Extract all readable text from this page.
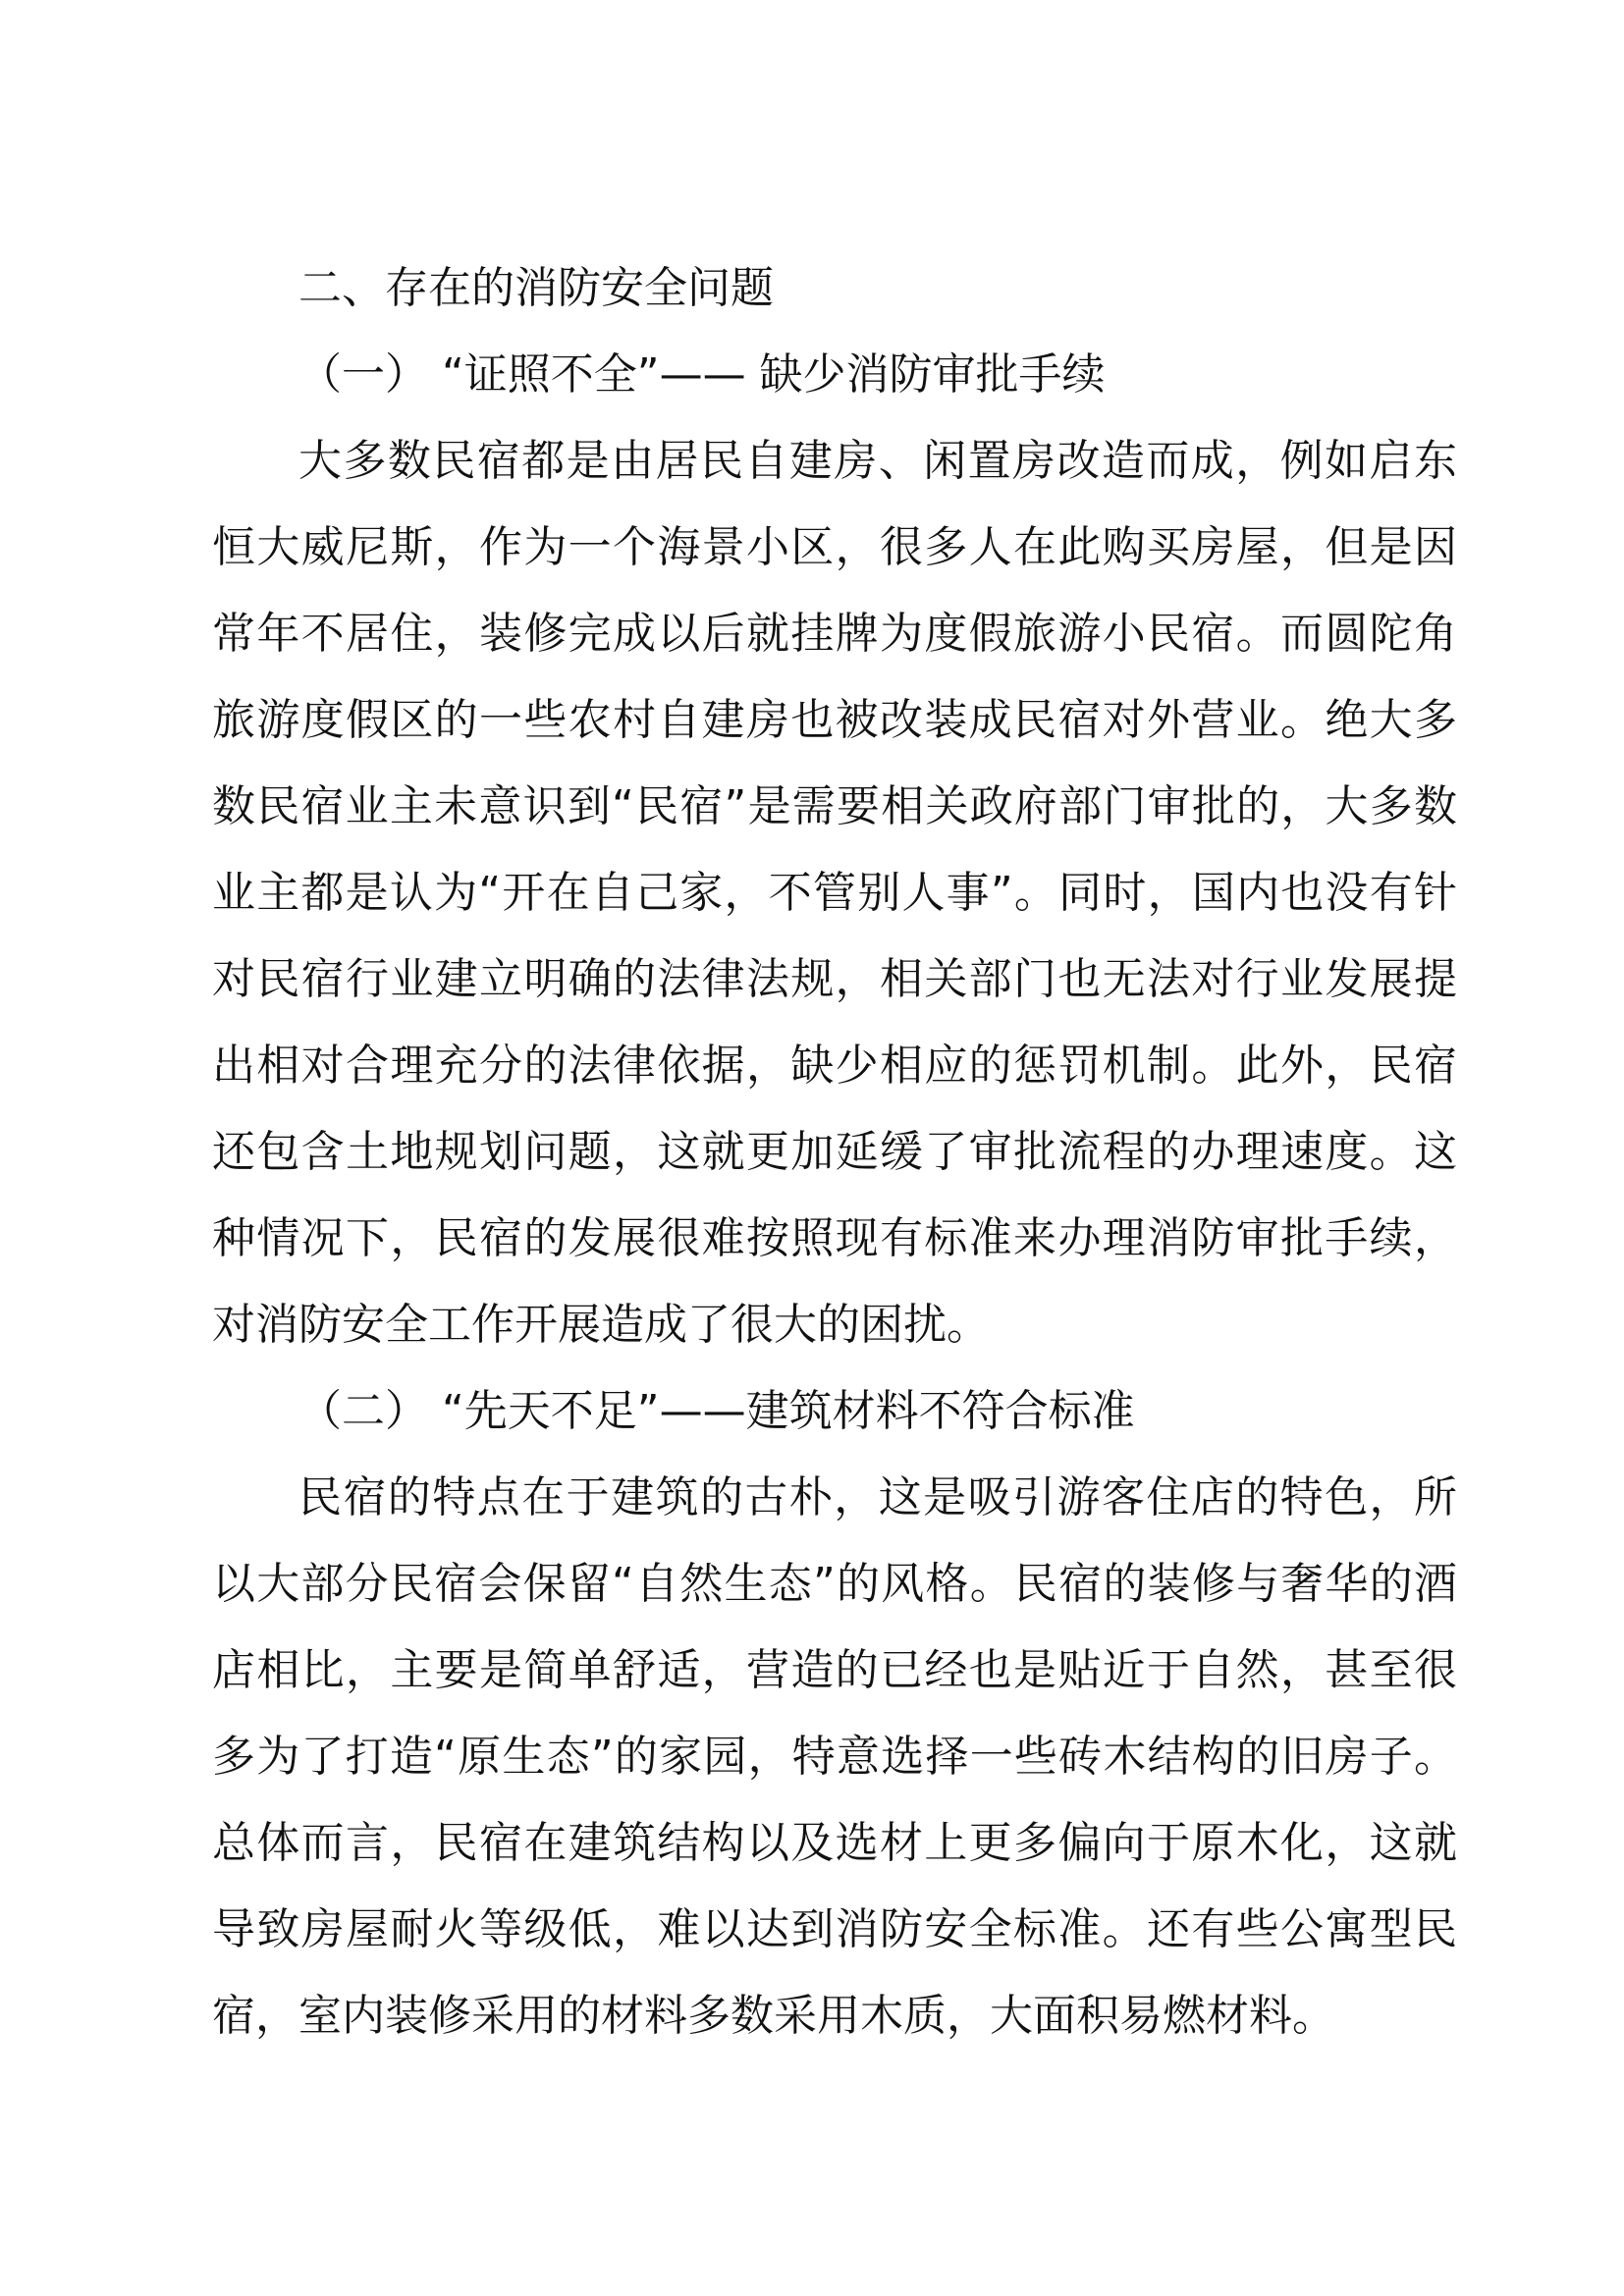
二、存在的消防安全问题
（一） “证照不全”—— 缺少消防审批手续

大多数民宿都是由居民自建房、闲置房改造而成，例如启东恒大威尼斯，作为一个海景小区，很多人在此购买房屋，但是因常年不居住，装修完成以后就挂牌为度假旅游小民宿。而圆陀角旅游度假区的一些农村自建房也被改装成民宿对外营业。绝大多数民宿业主未意识到“民宿”是需要相关政府部门审批的，大多数业主都是认为“开在自己家，不管别人事”。同时，国内也没有针对民宿行业建立明确的法律法规，相关部门也无法对行业发展提出相对合理充分的法律依据，缺少相应的惩罚机制。此外，民宿还包含土地规划问题，这就更加延缓了审批流程的办理速度。这种情况下，民宿的发展很难按照现有标准来办理消防审批手续，对消防安全工作开展造成了很大的困扰。

（二） “先天不足”——建筑材料不符合标准

民宿的特点在于建筑的古朴，这是吸引游客住店的特色，所以大部分民宿会保留“自然生态”的风格。民宿的装修与奢华的酒店相比，主要是简单舒适，营造的已经也是贴近于自然，甚至很多为了打造“原生态”的家园，特意选择一些砖木结构的旧房子。总体而言，民宿在建筑结构以及选材上更多偏向于原木化，这就导致房屋耐火等级低，难以达到消防安全标准。还有些公寓型民宿，室内装修采用的材料多数采用木质，大面积易燃材料。
